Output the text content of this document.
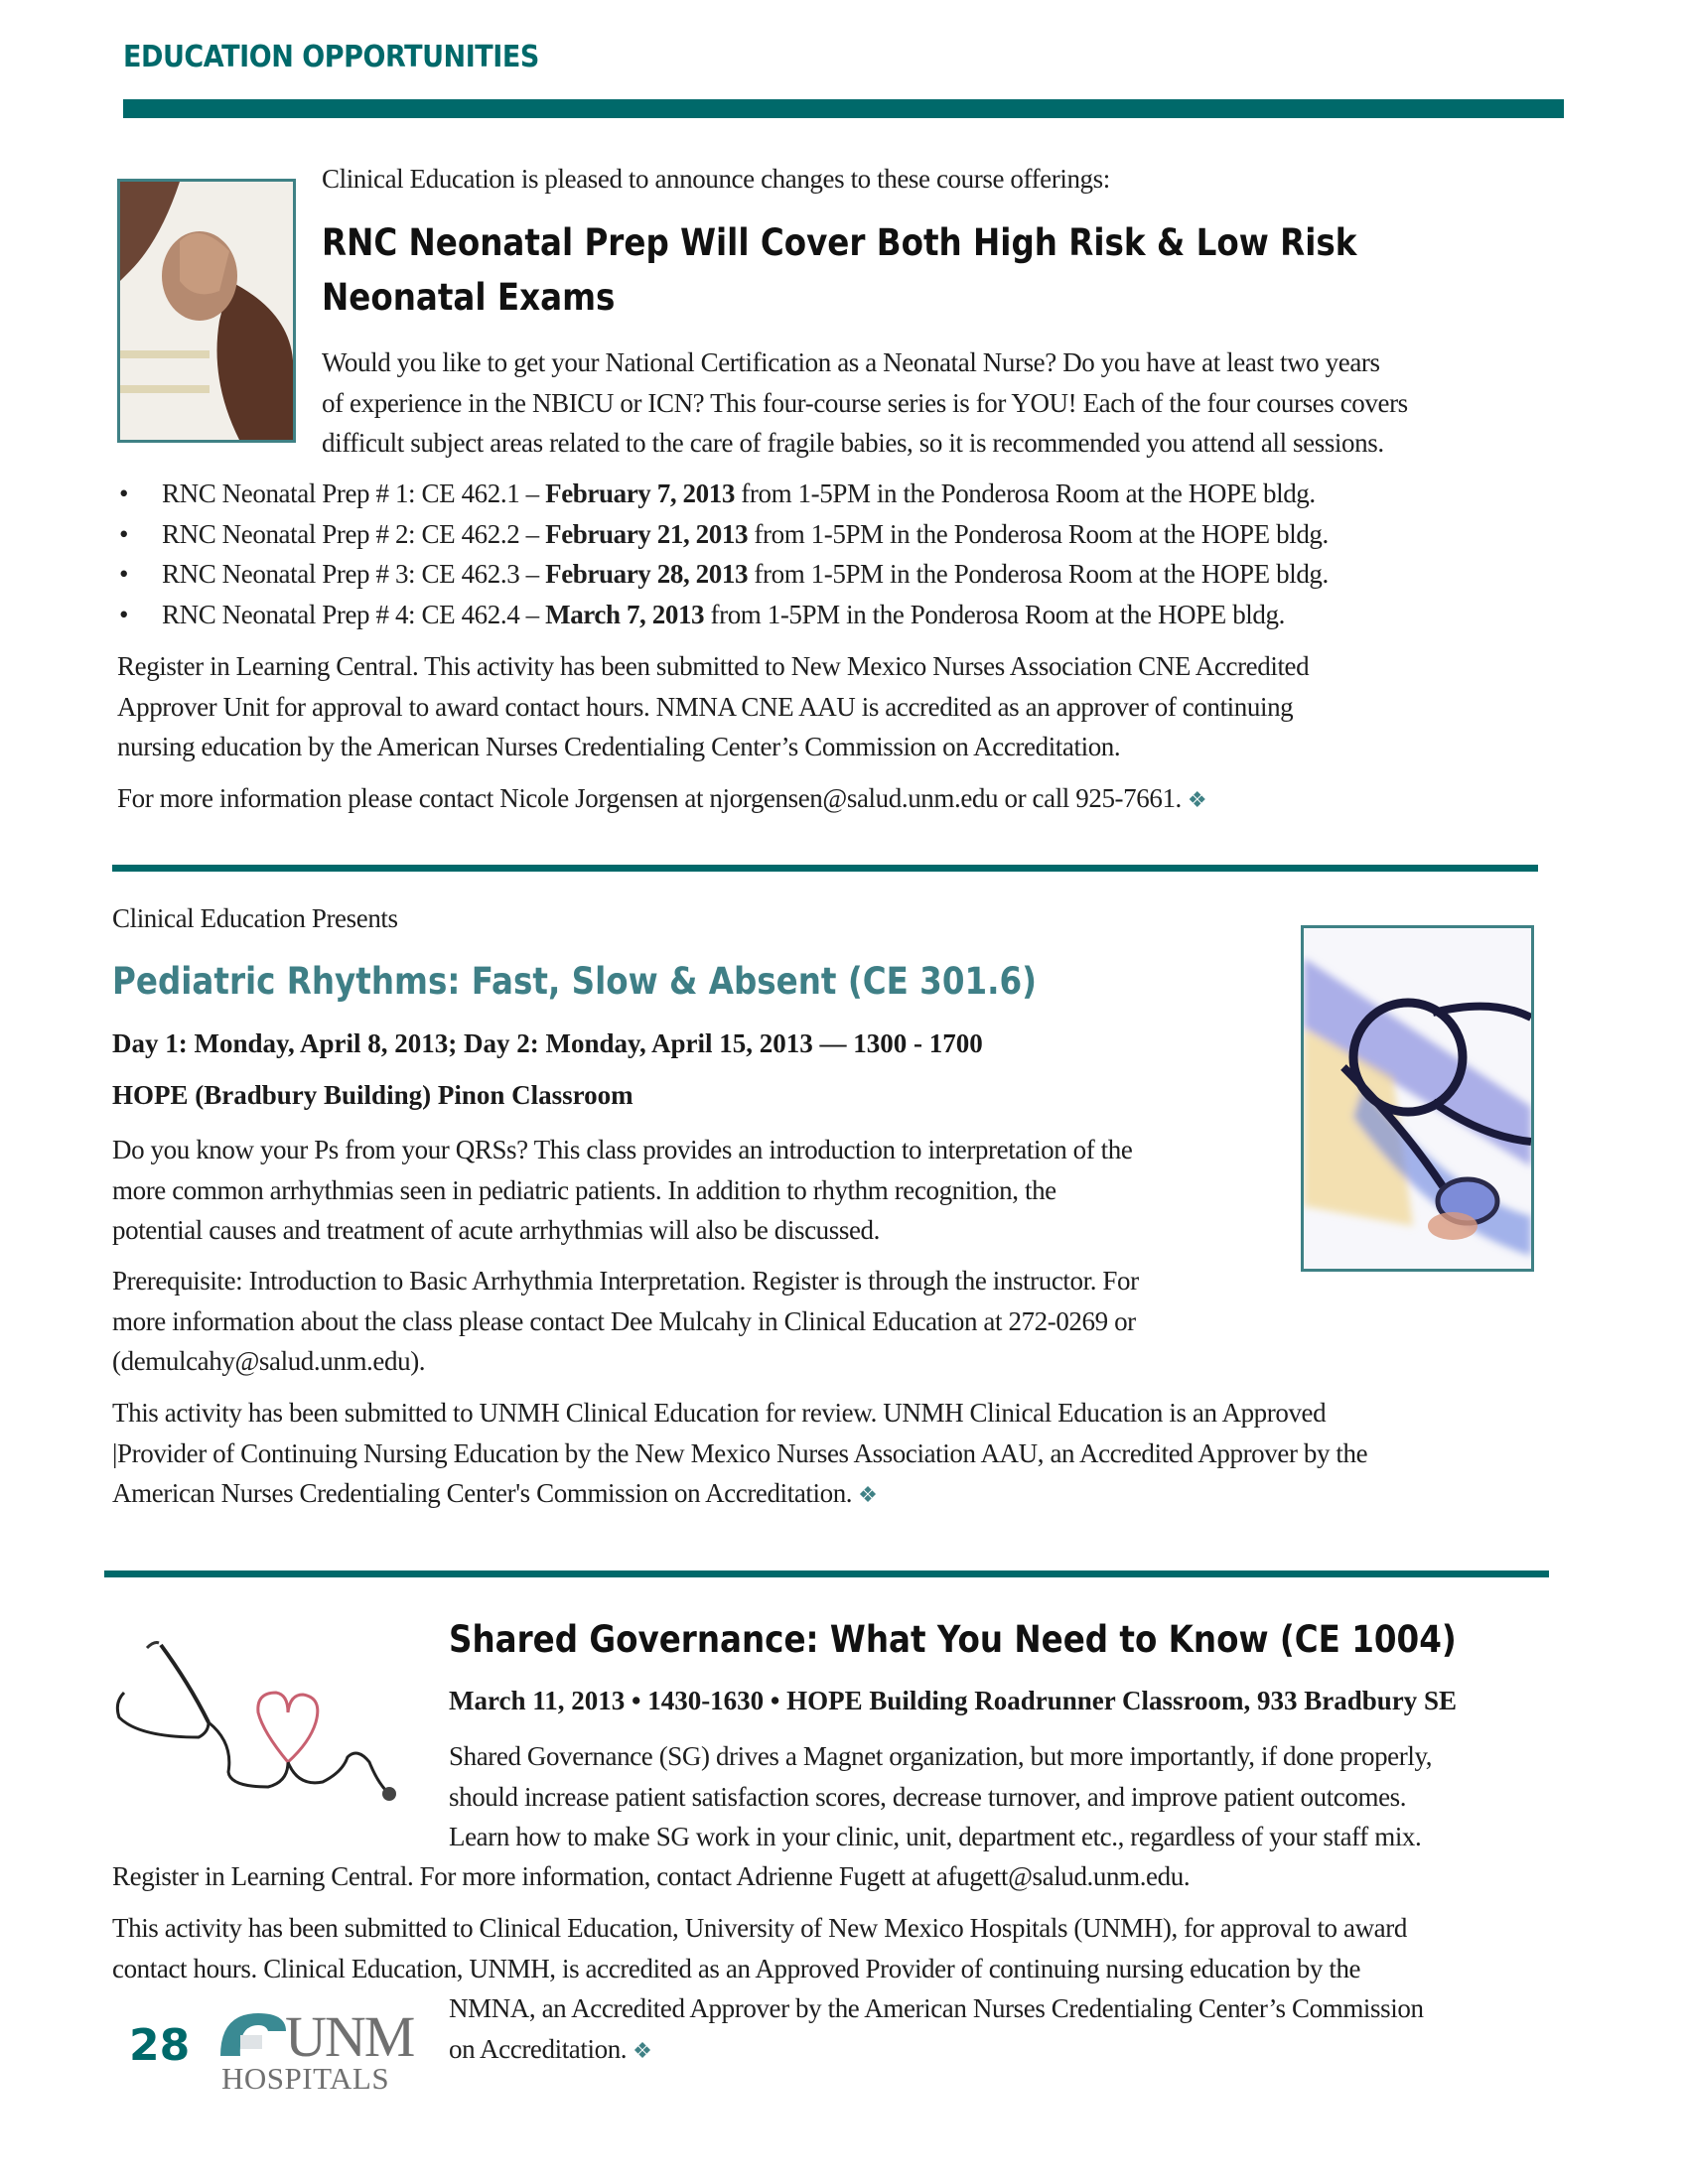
EDUCATION OPPORTUNITIES
Clinical Education is pleased to announce changes to these course offerings:
RNC Neonatal Prep Will Cover Both High Risk & Low Risk
Neonatal Exams
Would you like to get your National Certification as a Neonatal Nurse? Do you have at least two years
of experience in the NBICU or ICN? This four-course series is for YOU! Each of the four courses covers
difficult subject areas related to the care of fragile babies, so it is recommended you attend all sessions.
• RNC Neonatal Prep # 1: CE 462.1 – February 7, 2013 from 1-5PM in the Ponderosa Room at the HOPE bldg.
• RNC Neonatal Prep # 2: CE 462.2 – February 21, 2013 from 1-5PM in the Ponderosa Room at the HOPE bldg.
• RNC Neonatal Prep # 3: CE 462.3 – February 28, 2013 from 1-5PM in the Ponderosa Room at the HOPE bldg.
• RNC Neonatal Prep # 4: CE 462.4 – March 7, 2013 from 1-5PM in the Ponderosa Room at the HOPE bldg.
Register in Learning Central. This activity has been submitted to New Mexico Nurses Association CNE Accredited
Approver Unit for approval to award contact hours. NMNA CNE AAU is accredited as an approver of continuing
nursing education by the American Nurses Credentialing Center’s Commission on Accreditation.
For more information please contact Nicole Jorgensen at njorgensen@salud.unm.edu or call 925-7661. ❖
Clinical Education Presents
Pediatric Rhythms: Fast, Slow & Absent (CE 301.6)
Day 1: Monday, April 8, 2013; Day 2: Monday, April 15, 2013 — 1300 - 1700
HOPE (Bradbury Building) Pinon Classroom
Do you know your Ps from your QRSs? This class provides an introduction to interpretation of the
more common arrhythmias seen in pediatric patients. In addition to rhythm recognition, the
potential causes and treatment of acute arrhythmias will also be discussed.
Prerequisite: Introduction to Basic Arrhythmia Interpretation. Register is through the instructor. For
more information about the class please contact Dee Mulcahy in Clinical Education at 272-0269 or
(demulcahy@salud.unm.edu).
This activity has been submitted to UNMH Clinical Education for review. UNMH Clinical Education is an Approved
|Provider of Continuing Nursing Education by the New Mexico Nurses Association AAU, an Accredited Approver by the
American Nurses Credentialing Center's Commission on Accreditation. ❖
Shared Governance: What You Need to Know (CE 1004)
March 11, 2013 • 1430-1630 • HOPE Building Roadrunner Classroom, 933 Bradbury SE
Shared Governance (SG) drives a Magnet organization, but more importantly, if done properly,
should increase patient satisfaction scores, decrease turnover, and improve patient outcomes.
Learn how to make SG work in your clinic, unit, department etc., regardless of your staff mix.
Register in Learning Central. For more information, contact Adrienne Fugett at afugett@salud.unm.edu.
This activity has been submitted to Clinical Education, University of New Mexico Hospitals (UNMH), for approval to award
contact hours. Clinical Education, UNMH, is accredited as an Approved Provider of continuing nursing education by the
NMNA, an Accredited Approver by the American Nurses Credentialing Center’s Commission
on Accreditation. ❖
28 UNM
HOSPITALS
